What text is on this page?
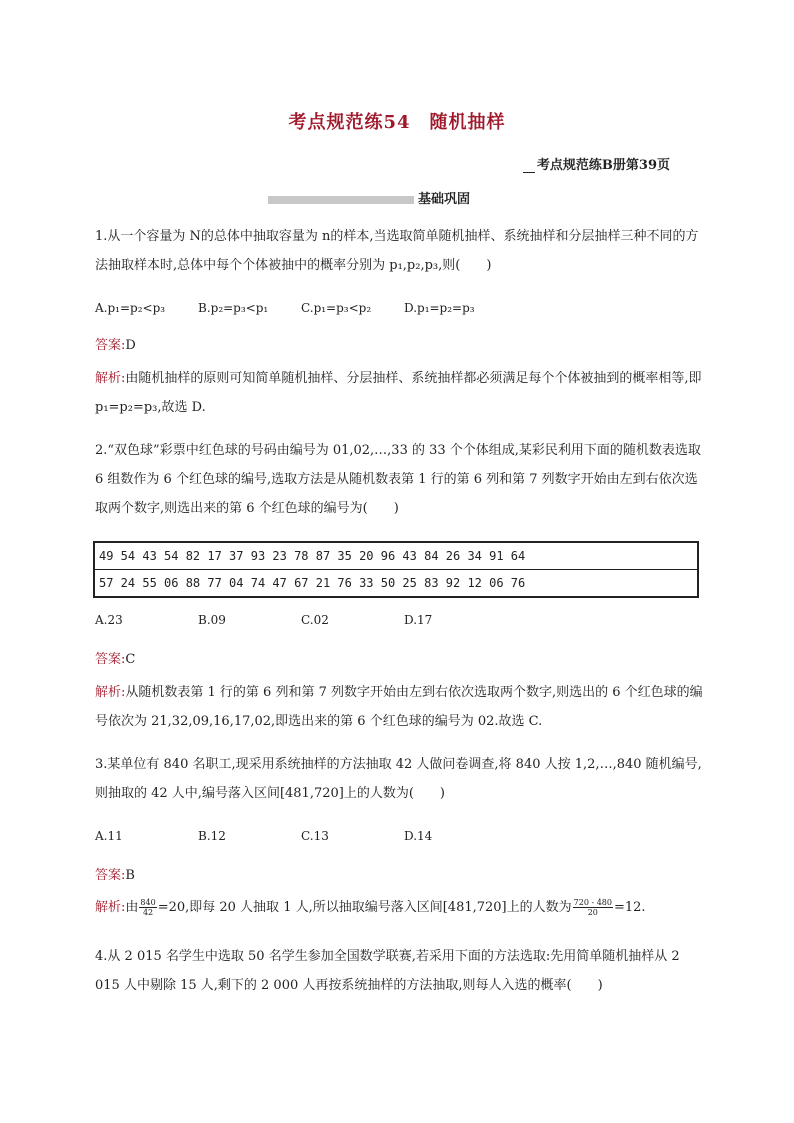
考点规范练54　随机抽样
考点规范练B册第39页
基础巩固
1.从一个容量为 N的总体中抽取容量为 n的样本,当选取简单随机抽样、系统抽样和分层抽样三种不同的方法抽取样本时,总体中每个个体被抽中的概率分别为 p₁,p₂,p₃,则(　　)
A.p₁=p₂<p₃	B.p₂=p₃<p₁	C.p₁=p₃<p₂	D.p₁=p₂=p₃
答案:D
解析:由随机抽样的原则可知简单随机抽样、分层抽样、系统抽样都必须满足每个个体被抽到的概率相等,即 p₁=p₂=p₃,故选 D.
2.“双色球”彩票中红色球的号码由编号为 01,02,…,33 的 33 个个体组成,某彩民利用下面的随机数表选取 6 组数作为 6 个红色球的编号,选取方法是从随机数表第 1 行的第 6 列和第 7 列数字开始由左到右依次选取两个数字,则选出来的第 6 个红色球的编号为(　　)
49 54 43 54 82 17 37 93 23 78 87 35 20 96 43 84 26 34 91 64
57 24 55 06 88 77 04 74 47 67 21 76 33 50 25 83 92 12 06 76
A.23	B.09	C.02	D.17
答案:C
解析:从随机数表第 1 行的第 6 列和第 7 列数字开始由左到右依次选取两个数字,则选出的 6 个红色球的编号依次为 21,32,09,16,17,02,即选出来的第 6 个红色球的编号为 02.故选 C.
3.某单位有 840 名职工,现采用系统抽样的方法抽取 42 人做问卷调查,将 840 人按 1,2,…,840 随机编号,则抽取的 42 人中,编号落入区间[481,720]上的人数为(　　)
A.11	B.12	C.13	D.14
答案:B
解析:由 $\frac{840}{42} =20$,即每 20 人抽取 1 人,所以抽取编号落入区间[481,720]上的人数为 $\frac{720 - 480}{20} =12$.
4.从 2 015 名学生中选取 50 名学生参加全国数学联赛,若采用下面的方法选取:先用简单随机抽样从 2 015 人中剔除 15 人,剩下的 2 000 人再按系统抽样的方法抽取,则每人入选的概率(　　)
